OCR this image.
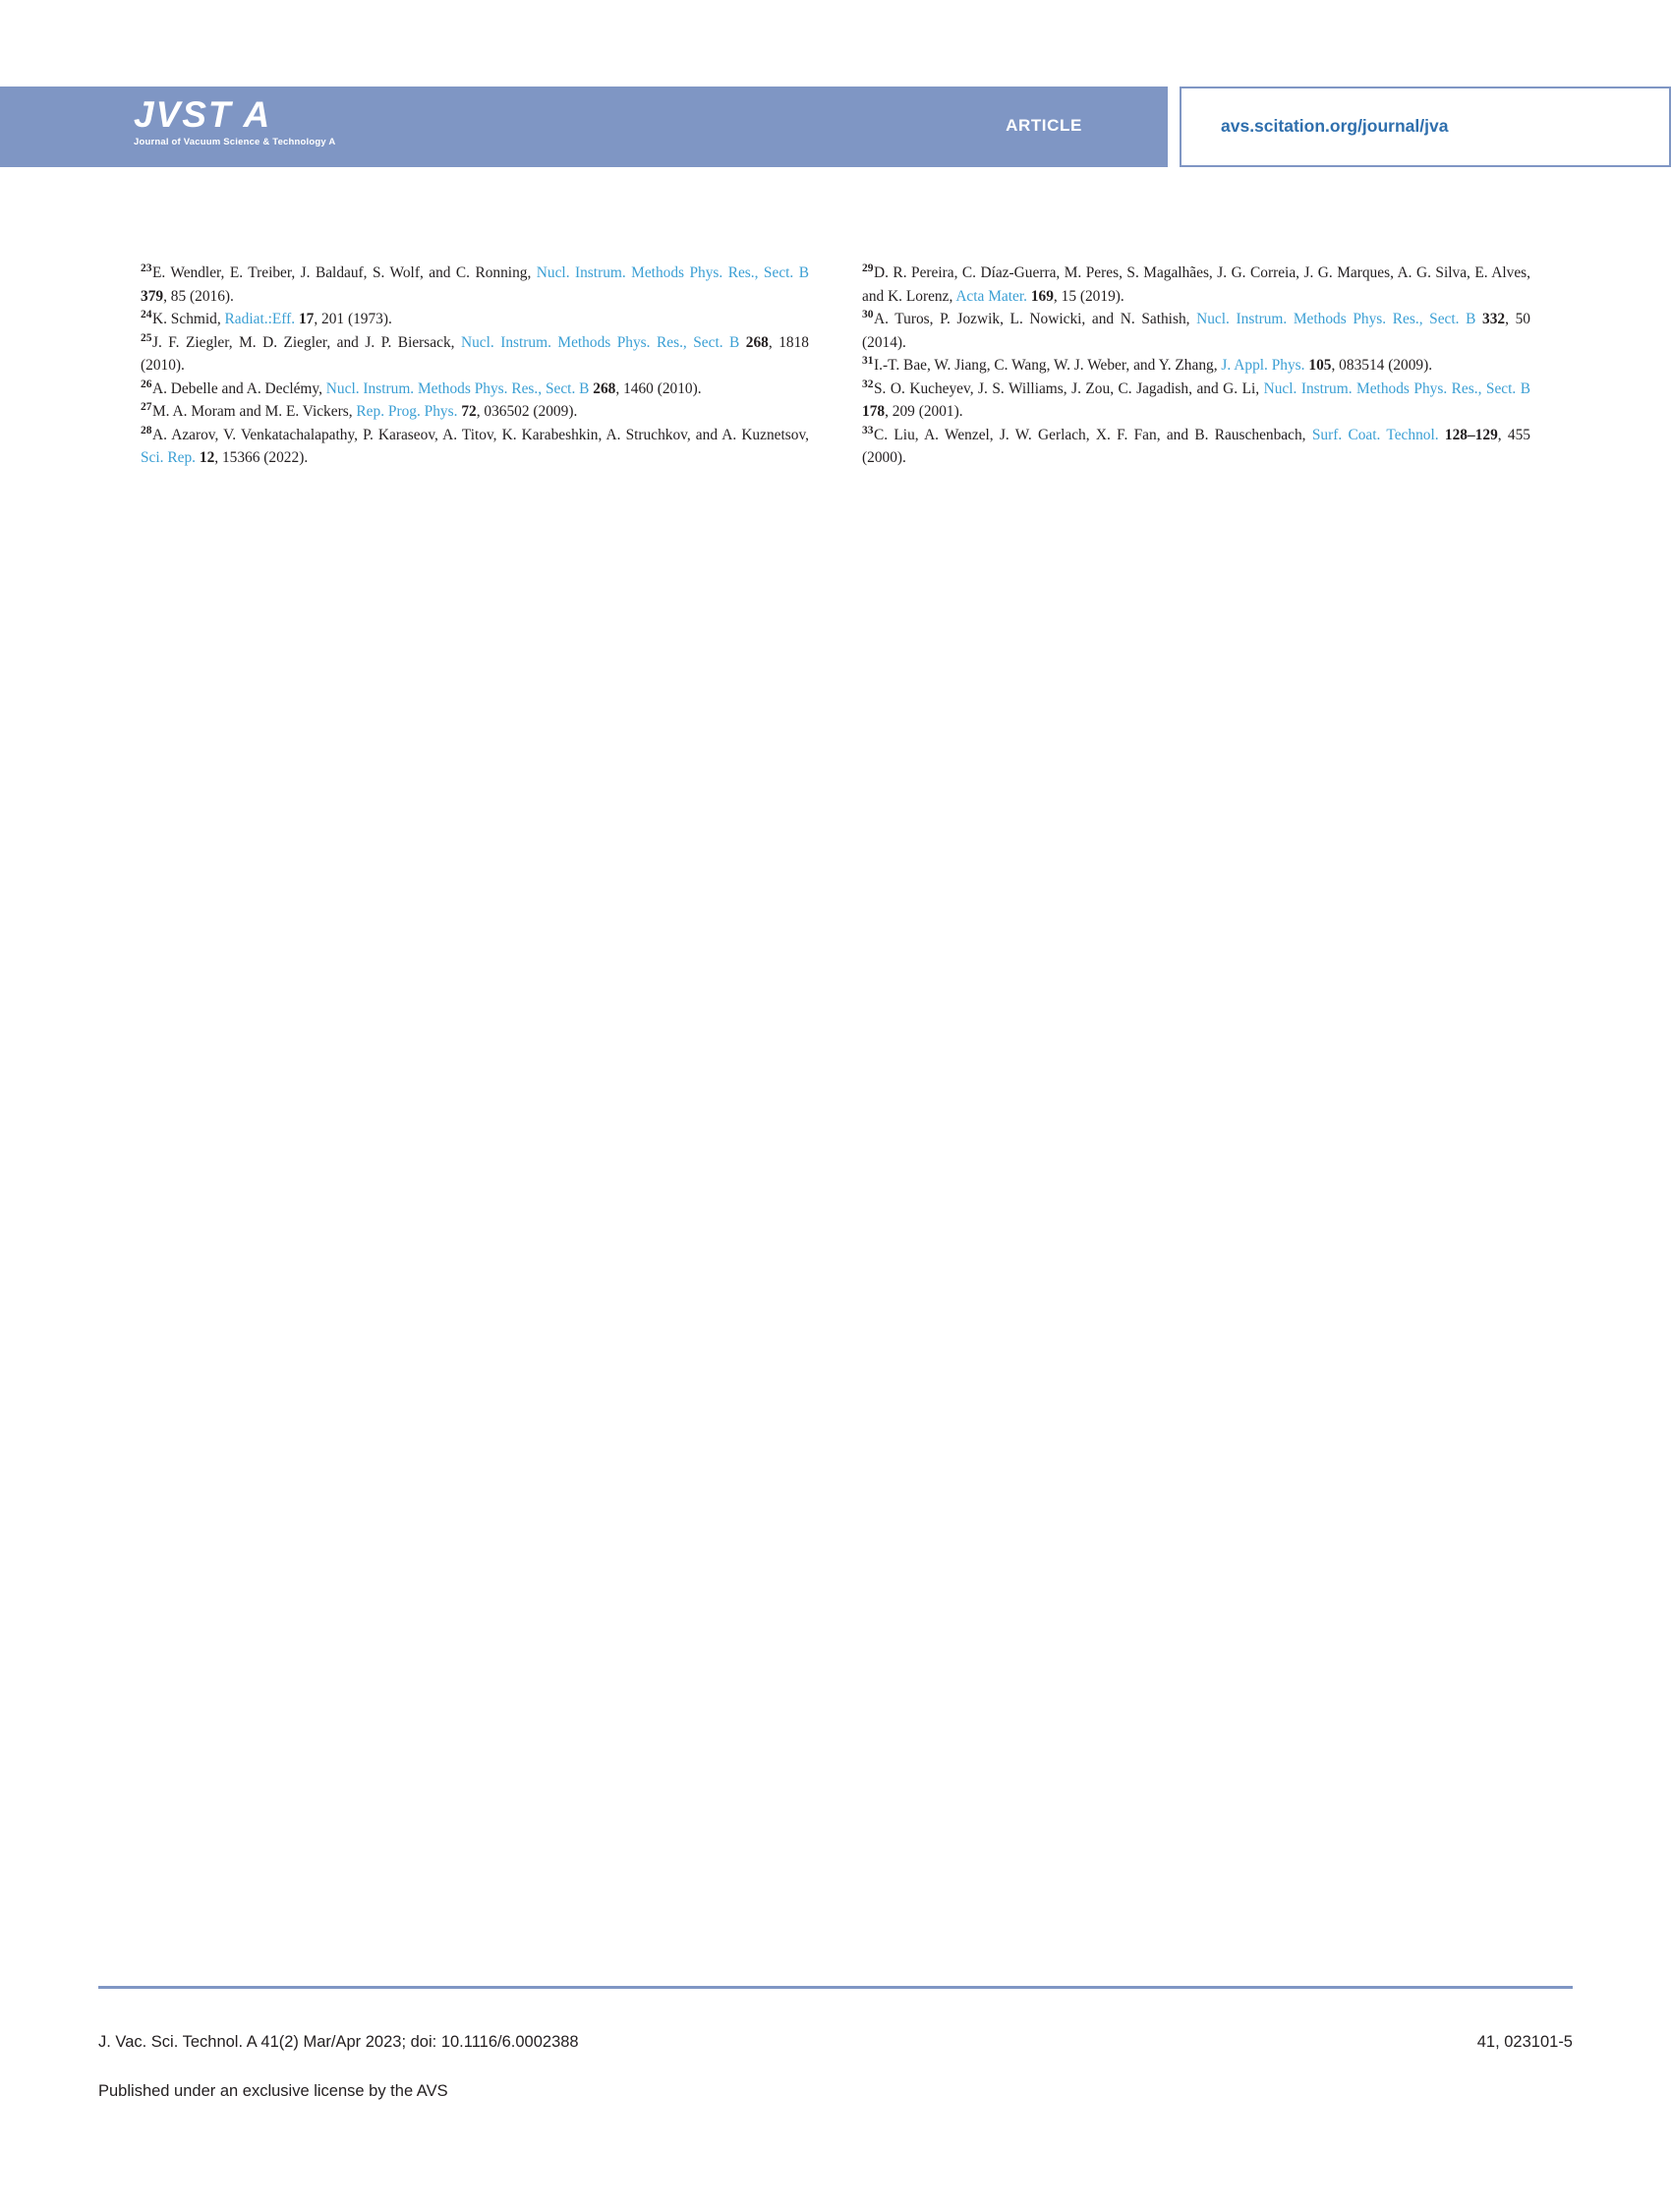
JVST A
Journal of Vacuum Science & Technology A
ARTICLE	avs.scitation.org/journal/jva

$^{23}$E. Wendler, E. Treiber, J. Baldauf, S. Wolf, and C. Ronning, Nucl. Instrum. Methods Phys. Res., Sect. B 379, 85 (2016).

$^{24}$K. Schmid, Radiat.:Eff. 17, 201 (1973).

$^{25}$J. F. Ziegler, M. D. Ziegler, and J. P. Biersack, Nucl. Instrum. Methods Phys. Res., Sect. B 268, 1818 (2010).

$^{26}$A. Debelle and A. Declémy, Nucl. Instrum. Methods Phys. Res., Sect. B 268, 1460 (2010).

$^{27}$M. A. Moram and M. E. Vickers, Rep. Prog. Phys. 72, 036502 (2009).

$^{28}$A. Azarov, V. Venkatachalapathy, P. Karaseov, A. Titov, K. Karabeshkin, A. Struchkov, and A. Kuznetsov, Sci. Rep. 12, 15366 (2022).

$^{29}$D. R. Pereira, C. Díaz-Guerra, M. Peres, S. Magalhães, J. G. Correia, J. G. Marques, A. G. Silva, E. Alves, and K. Lorenz, Acta Mater. 169, 15 (2019).

$^{30}$A. Turos, P. Jozwik, L. Nowicki, and N. Sathish, Nucl. Instrum. Methods Phys. Res., Sect. B 332, 50 (2014).

$^{31}$I.-T. Bae, W. Jiang, C. Wang, W. J. Weber, and Y. Zhang, J. Appl. Phys. 105, 083514 (2009).

$^{32}$S. O. Kucheyev, J. S. Williams, J. Zou, C. Jagadish, and G. Li, Nucl. Instrum. Methods Phys. Res., Sect. B 178, 209 (2001).

$^{33}$C. Liu, A. Wenzel, J. W. Gerlach, X. F. Fan, and B. Rauschenbach, Surf. Coat. Technol. 128–129, 455 (2000).

J. Vac. Sci. Technol. A 41(2) Mar/Apr 2023; doi: 10.1116/6.0002388	41, 023101-5
Published under an exclusive license by the AVS
